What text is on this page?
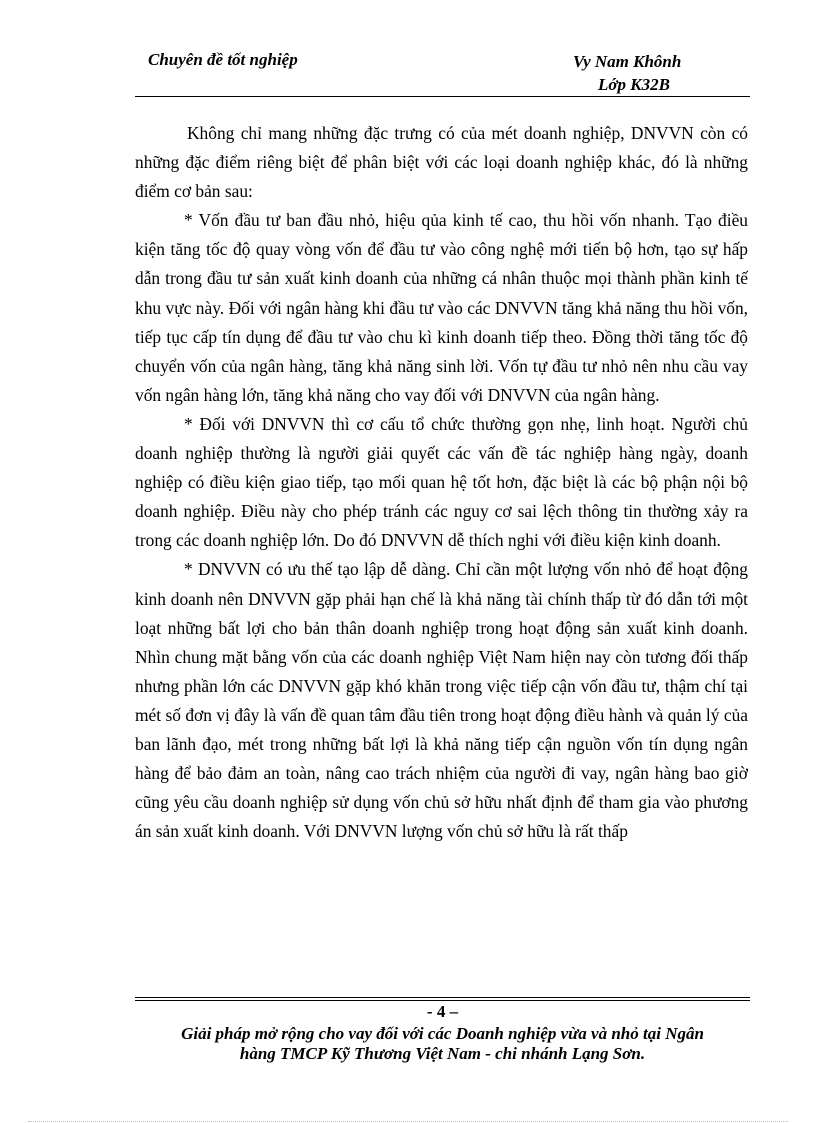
Chuyên đề tốt nghiệp	Vy Nam Khônh
Lớp K32B

Không chỉ mang những đặc trưng có của mét doanh nghiệp, DNVVN còn có những đặc điểm riêng biệt để phân biệt với các loại doanh nghiệp khác, đó là những điểm cơ bản sau:

* Vốn đầu tư ban đầu nhỏ, hiệu qủa kinh tế cao, thu hồi vốn nhanh. Tạo điều kiện tăng tốc độ quay vòng vốn để đầu tư vào công nghệ mới tiến bộ hơn, tạo sự hấp dẫn trong đầu tư sản xuất kinh doanh của những cá nhân thuộc mọi thành phần kinh tế khu vực này. Đối với ngân hàng khi đầu tư vào các DNVVN tăng khả năng thu hồi vốn, tiếp tục cấp tín dụng để đầu tư vào chu kì kinh doanh tiếp theo. Đồng thời tăng tốc độ chuyển vốn của ngân hàng, tăng khả năng sinh lời. Vốn tự đầu tư nhỏ nên nhu cầu vay vốn ngân hàng lớn, tăng khả năng cho vay đối với DNVVN của ngân hàng.

* Đối với DNVVN thì cơ cấu tổ chức thường gọn nhẹ, linh hoạt. Người chủ doanh nghiệp thường là người giải quyết các vấn đề tác nghiệp hàng ngày, doanh nghiệp có điều kiện giao tiếp, tạo mối quan hệ tốt hơn, đặc biệt là các bộ phận nội bộ doanh nghiệp. Điều này cho phép tránh các nguy cơ sai lệch thông tin thường xảy ra trong các doanh nghiệp lớn. Do đó DNVVN dễ thích nghi với điều kiện kinh doanh.

* DNVVN có ưu thế tạo lập dễ dàng. Chỉ cần một lượng vốn nhỏ để hoạt động kinh doanh nên DNVVN gặp phải hạn chế là khả năng tài chính thấp từ đó dẫn tới một loạt những bất lợi cho bản thân doanh nghiệp trong hoạt động sản xuất kinh doanh. Nhìn chung mặt bằng vốn của các doanh nghiệp Việt Nam hiện nay còn tương đối thấp nhưng phần lớn các DNVVN gặp khó khăn trong việc tiếp cận vốn đầu tư, thậm chí tại mét số đơn vị đây là vấn đề quan tâm đầu tiên trong hoạt động điều hành và quản lý của ban lãnh đạo, mét trong những bất lợi là khả năng tiếp cận nguồn vốn tín dụng ngân hàng để bảo đảm an toàn, nâng cao trách nhiệm của người đi vay, ngân hàng bao giờ cũng yêu cầu doanh nghiệp sử dụng vốn chủ sở hữu nhất định để tham gia vào phương án sản xuất kinh doanh. Với DNVVN lượng vốn chủ sở hữu là rất thấp

- 4 –
Giải pháp mở rộng cho vay đối với các Doanh nghiệp vừa và nhỏ tại Ngân
hàng TMCP Kỹ Thương Việt Nam - chi nhánh Lạng Sơn.
